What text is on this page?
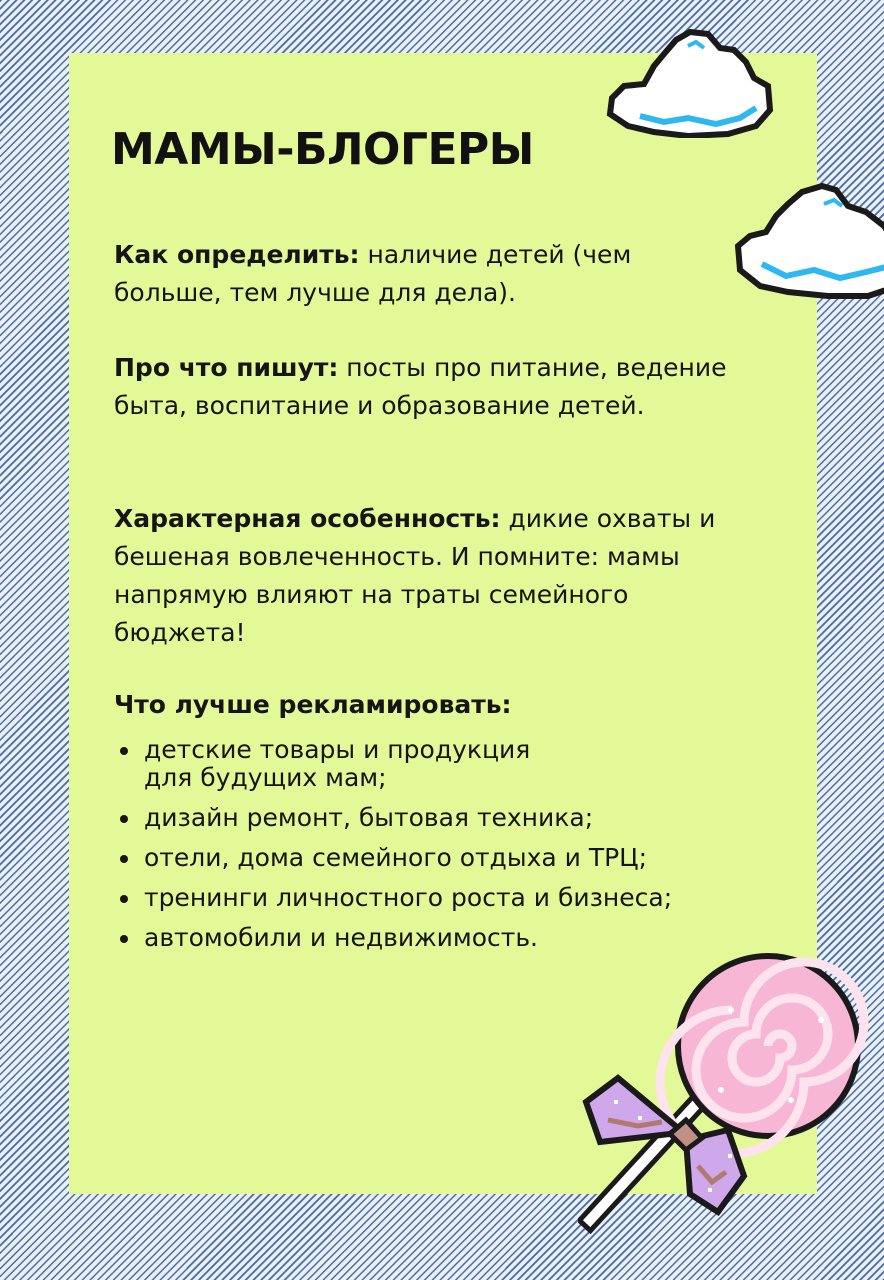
МАМЫ-БЛОГЕРЫ

Как определить: наличие детей (чем больше, тем лучше для дела).

Про что пишут: посты про питание, ведение быта, воспитание и образование детей.

Характерная особенность: дикие охваты и бешеная вовлеченность. И помните: мамы напрямую влияют на траты семейного бюджета!

Что лучше рекламировать:

детские товары и продукция для будущих мам;
дизайн ремонт, бытовая техника;
отели, дома семейного отдыха и ТРЦ;
тренинги личностного роста и бизнеса;
автомобили и недвижимость.
